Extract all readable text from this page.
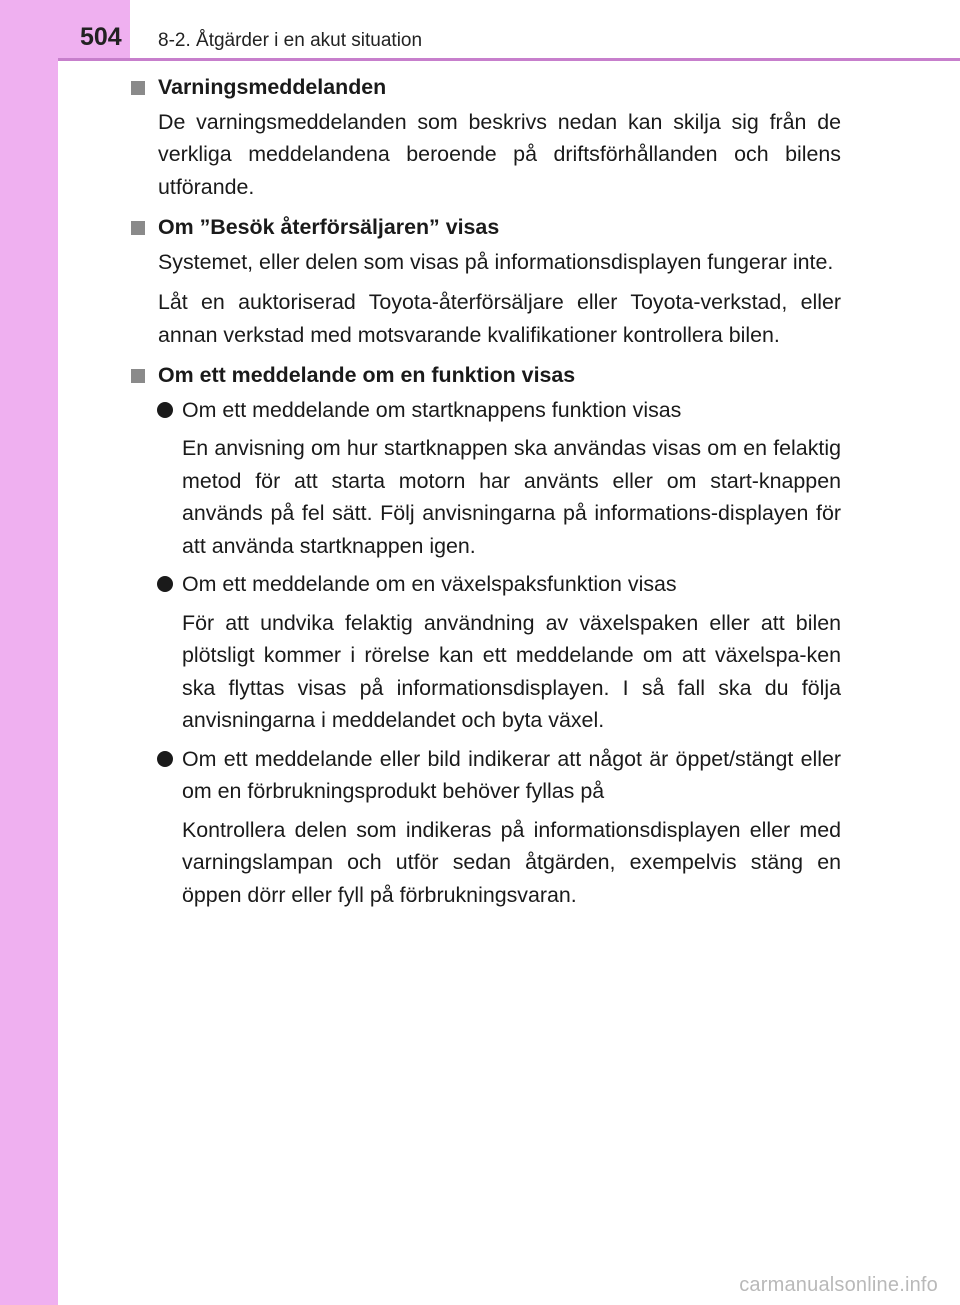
504 8-2. Åtgärder i en akut situation
Varningsmeddelanden

De varningsmeddelanden som beskrivs nedan kan skilja sig från de verkliga meddelandena beroende på driftsförhållanden och bilens utförande.

Om ”Besök återförsäljaren” visas

Systemet, eller delen som visas på informationsdisplayen fungerar inte.

Låt en auktoriserad Toyota-återförsäljare eller Toyota-verkstad, eller annan verkstad med motsvarande kvalifikationer kontrollera bilen.

Om ett meddelande om en funktion visas
Om ett meddelande om startknappens funktion visas

En anvisning om hur startknappen ska användas visas om en felaktig metod för att starta motorn har använts eller om start-knappen används på fel sätt. Följ anvisningarna på informations-displayen för att använda startknappen igen.

Om ett meddelande om en växelspaksfunktion visas

För att undvika felaktig användning av växelspaken eller att bilen plötsligt kommer i rörelse kan ett meddelande om att växelspa-ken ska flyttas visas på informationsdisplayen. I så fall ska du följa anvisningarna i meddelandet och byta växel.

Om ett meddelande eller bild indikerar att något är öppet/stängt eller om en förbrukningsprodukt behöver fyllas på

Kontrollera delen som indikeras på informationsdisplayen eller med varningslampan och utför sedan åtgärden, exempelvis stäng en öppen dörr eller fyll på förbrukningsvaran.

carmanualsonline.info
